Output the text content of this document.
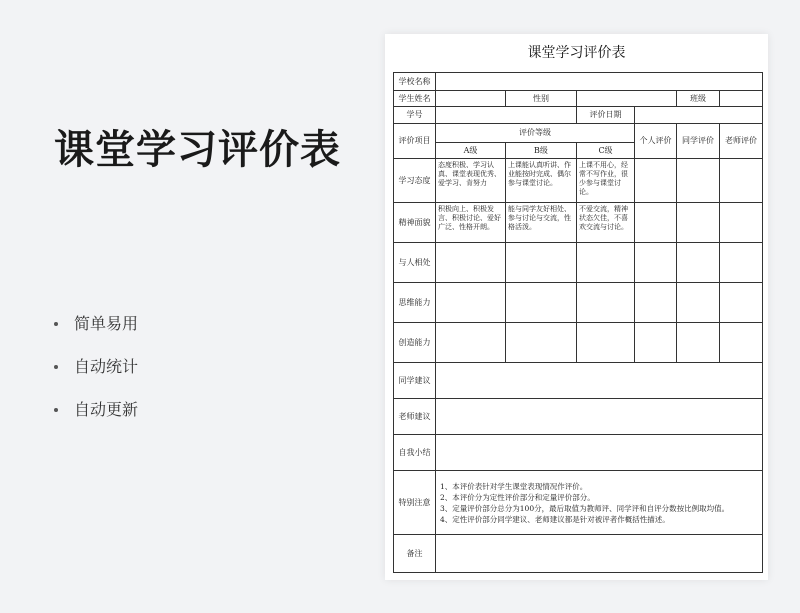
课堂学习评价表
简单易用
自动统计
自动更新
课堂学习评价表
学校名称						
学生姓名		性别			班级	
学号			评价日期			
评价项目	评价等级			个人评价	同学评价	老师评价
	A级	B级	C级			
学习态度	态度积极、学习认真、课堂表现优秀、爱学习、肯努力	上课能认真听讲、作业能按时完成、偶尔参与课堂讨论。	上课不用心，经常不写作业，很少参与课堂讨论。			
精神面貌	积极向上、积极发言、积极讨论、爱好广泛、性格开朗。	能与同学友好相处、参与讨论与交流，性格活泼。	不爱交流，精神状态欠佳，不喜欢交流与讨论。			
与人相处						
思维能力						
创造能力						
同学建议						
老师建议						
自我小结						
特别注意	1、本评价表针对学生课堂表现情况作评价。
2、本评价分为定性评价部分和定量评价部分。
3、定量评价部分总分为100分，最后取值为教师评、同学评和自评分数按比例取均值。
4、定性评价部分同学建议、老师建议都是针对被评者作概括性描述。					

备注						
